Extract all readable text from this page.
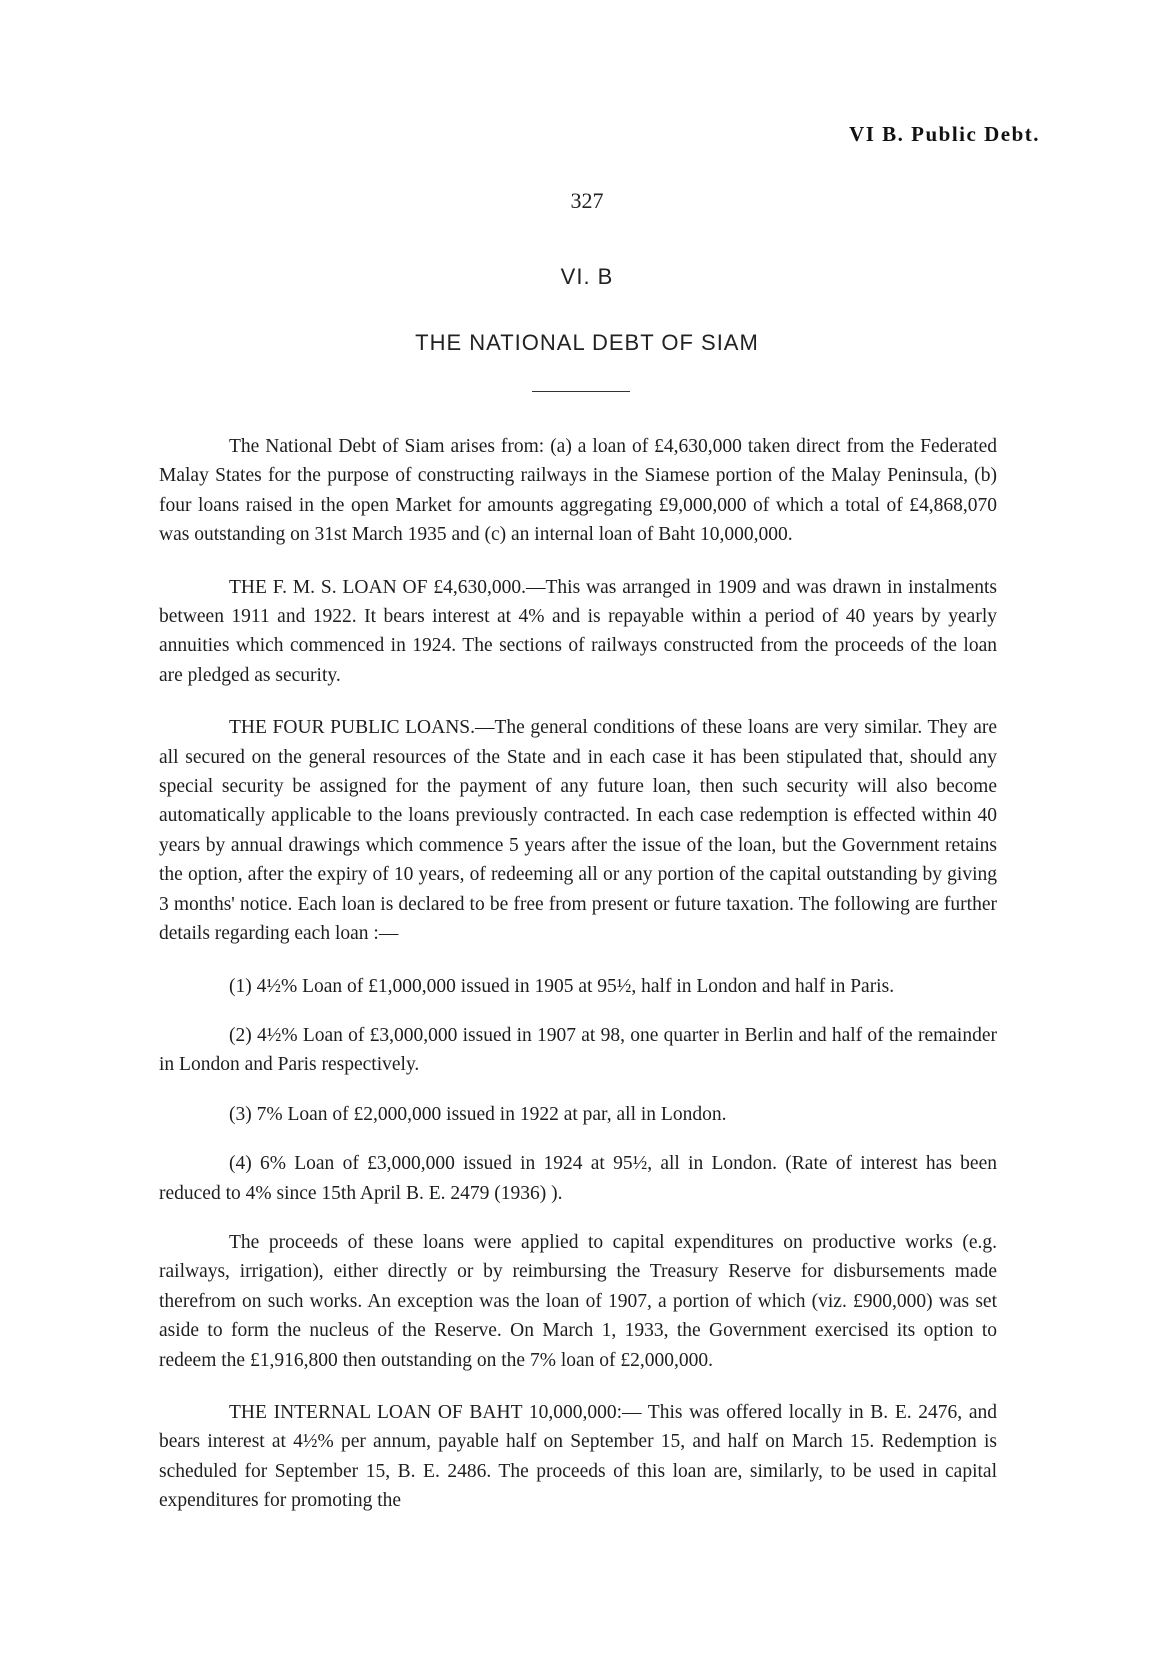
VI B. Public Debt.
327
VI. B
THE NATIONAL DEBT OF SIAM

The National Debt of Siam arises from: (a) a loan of £4,630,000 taken direct from the Federated Malay States for the purpose of constructing railways in the Siamese portion of the Malay Peninsula, (b) four loans raised in the open Market for amounts aggregating £9,000,000 of which a total of £4,868,070 was outstanding on 31st March 1935 and (c) an internal loan of Baht 10,000,000.

THE F. M. S. LOAN OF £4,630,000.—This was arranged in 1909 and was drawn in instalments between 1911 and 1922. It bears interest at 4% and is repayable within a period of 40 years by yearly annuities which commenced in 1924. The sections of railways constructed from the proceeds of the loan are pledged as security.

THE FOUR PUBLIC LOANS.—The general conditions of these loans are very similar. They are all secured on the general resources of the State and in each case it has been stipulated that, should any special security be assigned for the payment of any future loan, then such security will also become automatically applicable to the loans previously contracted. In each case redemption is effected within 40 years by annual drawings which commence 5 years after the issue of the loan, but the Government retains the option, after the expiry of 10 years, of redeeming all or any portion of the capital outstanding by giving 3 months' notice. Each loan is declared to be free from present or future taxation. The following are further details regarding each loan :—

(1) 4½% Loan of £1,000,000 issued in 1905 at 95½, half in London and half in Paris.

(2) 4½% Loan of £3,000,000 issued in 1907 at 98, one quarter in Berlin and half of the remainder in London and Paris respectively.

(3) 7% Loan of £2,000,000 issued in 1922 at par, all in London.

(4) 6% Loan of £3,000,000 issued in 1924 at 95½, all in London. (Rate of interest has been reduced to 4% since 15th April B. E. 2479 (1936) ).

The proceeds of these loans were applied to capital expenditures on productive works (e.g. railways, irrigation), either directly or by reimbursing the Treasury Reserve for disbursements made therefrom on such works. An exception was the loan of 1907, a portion of which (viz. £900,000) was set aside to form the nucleus of the Reserve. On March 1, 1933, the Government exercised its option to redeem the £1,916,800 then outstanding on the 7% loan of £2,000,000.

THE INTERNAL LOAN OF BAHT 10,000,000:— This was offered locally in B. E. 2476, and bears interest at 4½% per annum, payable half on September 15, and half on March 15. Redemption is scheduled for September 15, B. E. 2486. The proceeds of this loan are, similarly, to be used in capital expenditures for promoting the
